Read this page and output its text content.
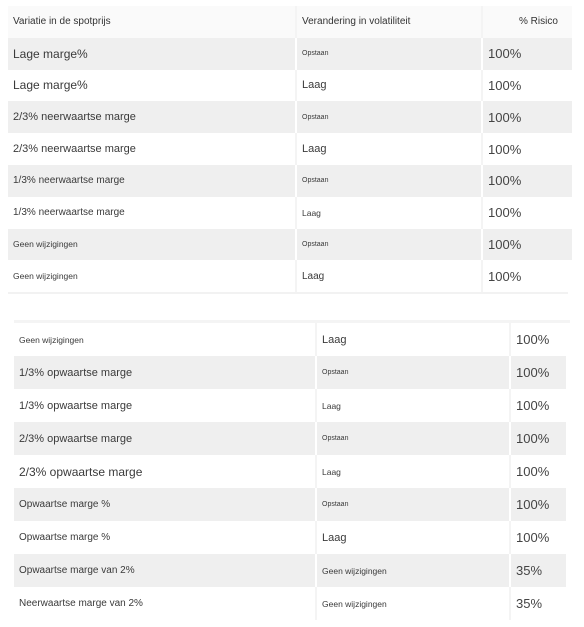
Variatie in de spotprijs	Verandering in volatiliteit	% Risico
Lage marge%	Opstaan	100%
Lage marge%	Laag	100%
2/3% neerwaartse marge	Opstaan	100%
2/3% neerwaartse marge	Laag	100%
1/3% neerwaartse marge	Opstaan	100%
1/3% neerwaartse marge	Laag	100%
Geen wijzigingen	Opstaan	100%
Geen wijzigingen	Laag	100%
Geen wijzigingen	Laag	100%
1/3% opwaartse marge	Opstaan	100%
1/3% opwaartse marge	Laag	100%
2/3% opwaartse marge	Opstaan	100%
2/3% opwaartse marge	Laag	100%
Opwaartse marge %	Opstaan	100%
Opwaartse marge %	Laag	100%
Opwaartse marge van 2%	Geen wijzigingen	35%
Neerwaartse marge van 2%	Geen wijzigingen	35%
